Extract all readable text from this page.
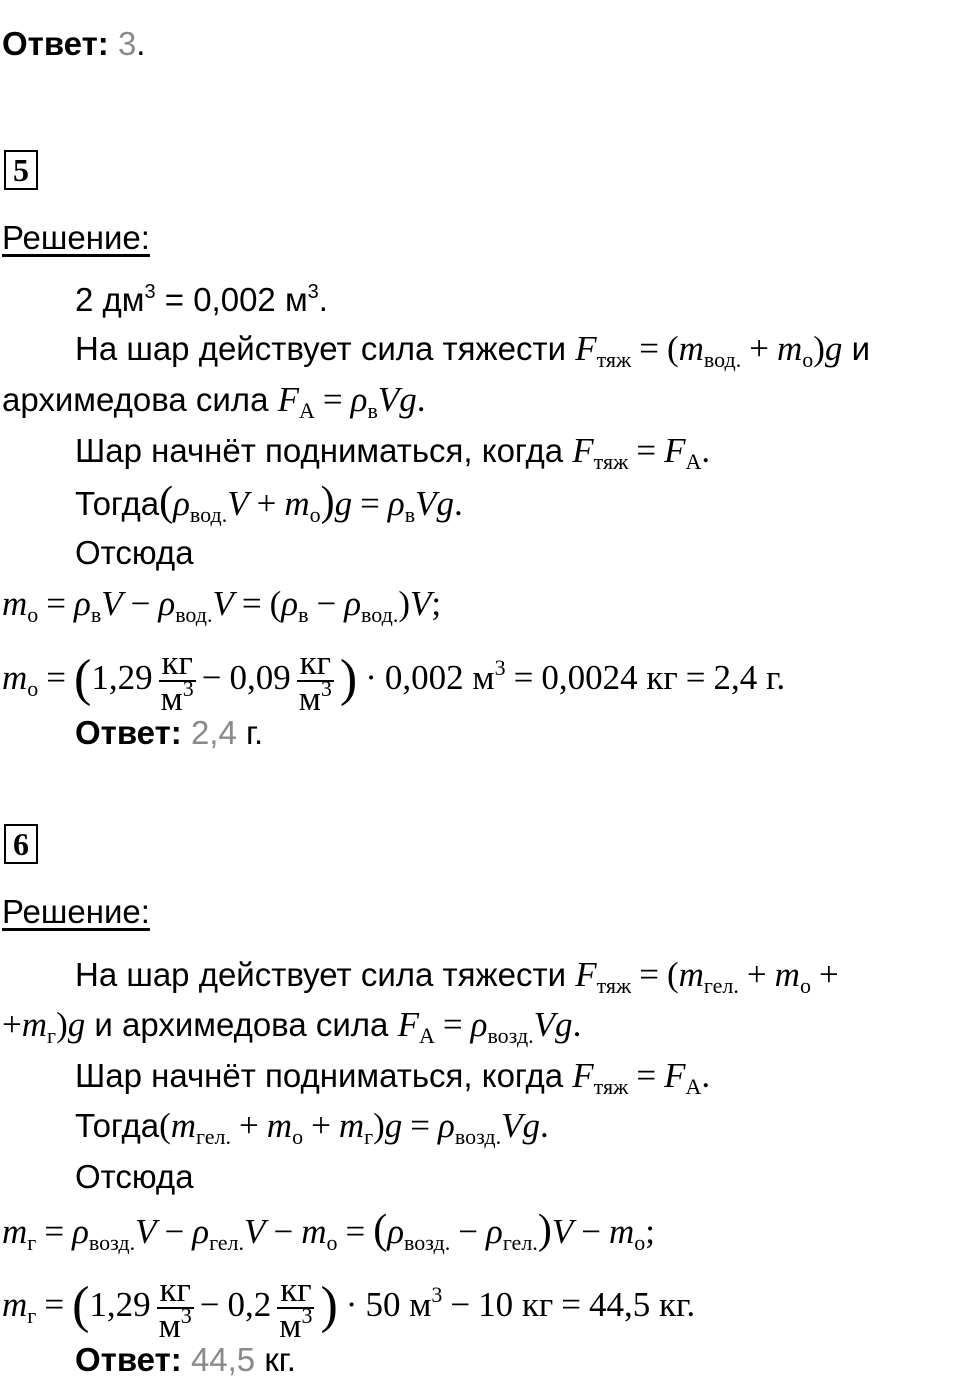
Ответ: 3.
5
Решение:
2 $дм^3 = 0,002$ $м^3$.
На шар действует сила тяжести $F_{тяж} = (m_{вод.} + m_о)g$ и
архимедова сила $F_А = \rho_вVg$.
Шар начнёт подниматься, когда $F_{тяж} = F_А$.
$Тогда(\rho_{вод.}V + m_о)g = \rho_вVg$.
Отсюда
$m_о = \rho_вV - \rho_{вод.}V = (\rho_в - \rho_{вод.})V$;
$m_о = (1,29 \frac{кг}{м^3} - 0,09 \frac{кг}{м^3}$ ) · 0,002 $м^3 = 0,0024$ кг = 2,4 г.
Ответ: 2,4 г.
6
Решение:
На шар действует сила тяжести $F_{тяж} = (m_{гел.} + m_о$ +
$+m_г)g$ и архимедова сила $F_А = \rho_{возд.}Vg$.
Шар начнёт подниматься, когда $F_{тяж} = F_А$.
$Тогда(m_{гел.} + m_о + m_г)g = \rho_{возд.}Vg$.
Отсюда
$m_г = \rho_{возд.}V - \rho_{гел.}V - m_о = (\rho_{возд.} - \rho_{гел.})V - m_о$;
$m_г = (1,29 \frac{кг}{м^3} - 0,2 \frac{кг}{м^3}$ ) · 50 $м^3 - 10$ кг = 44,5 кг.
Ответ: 44,5 кг.
